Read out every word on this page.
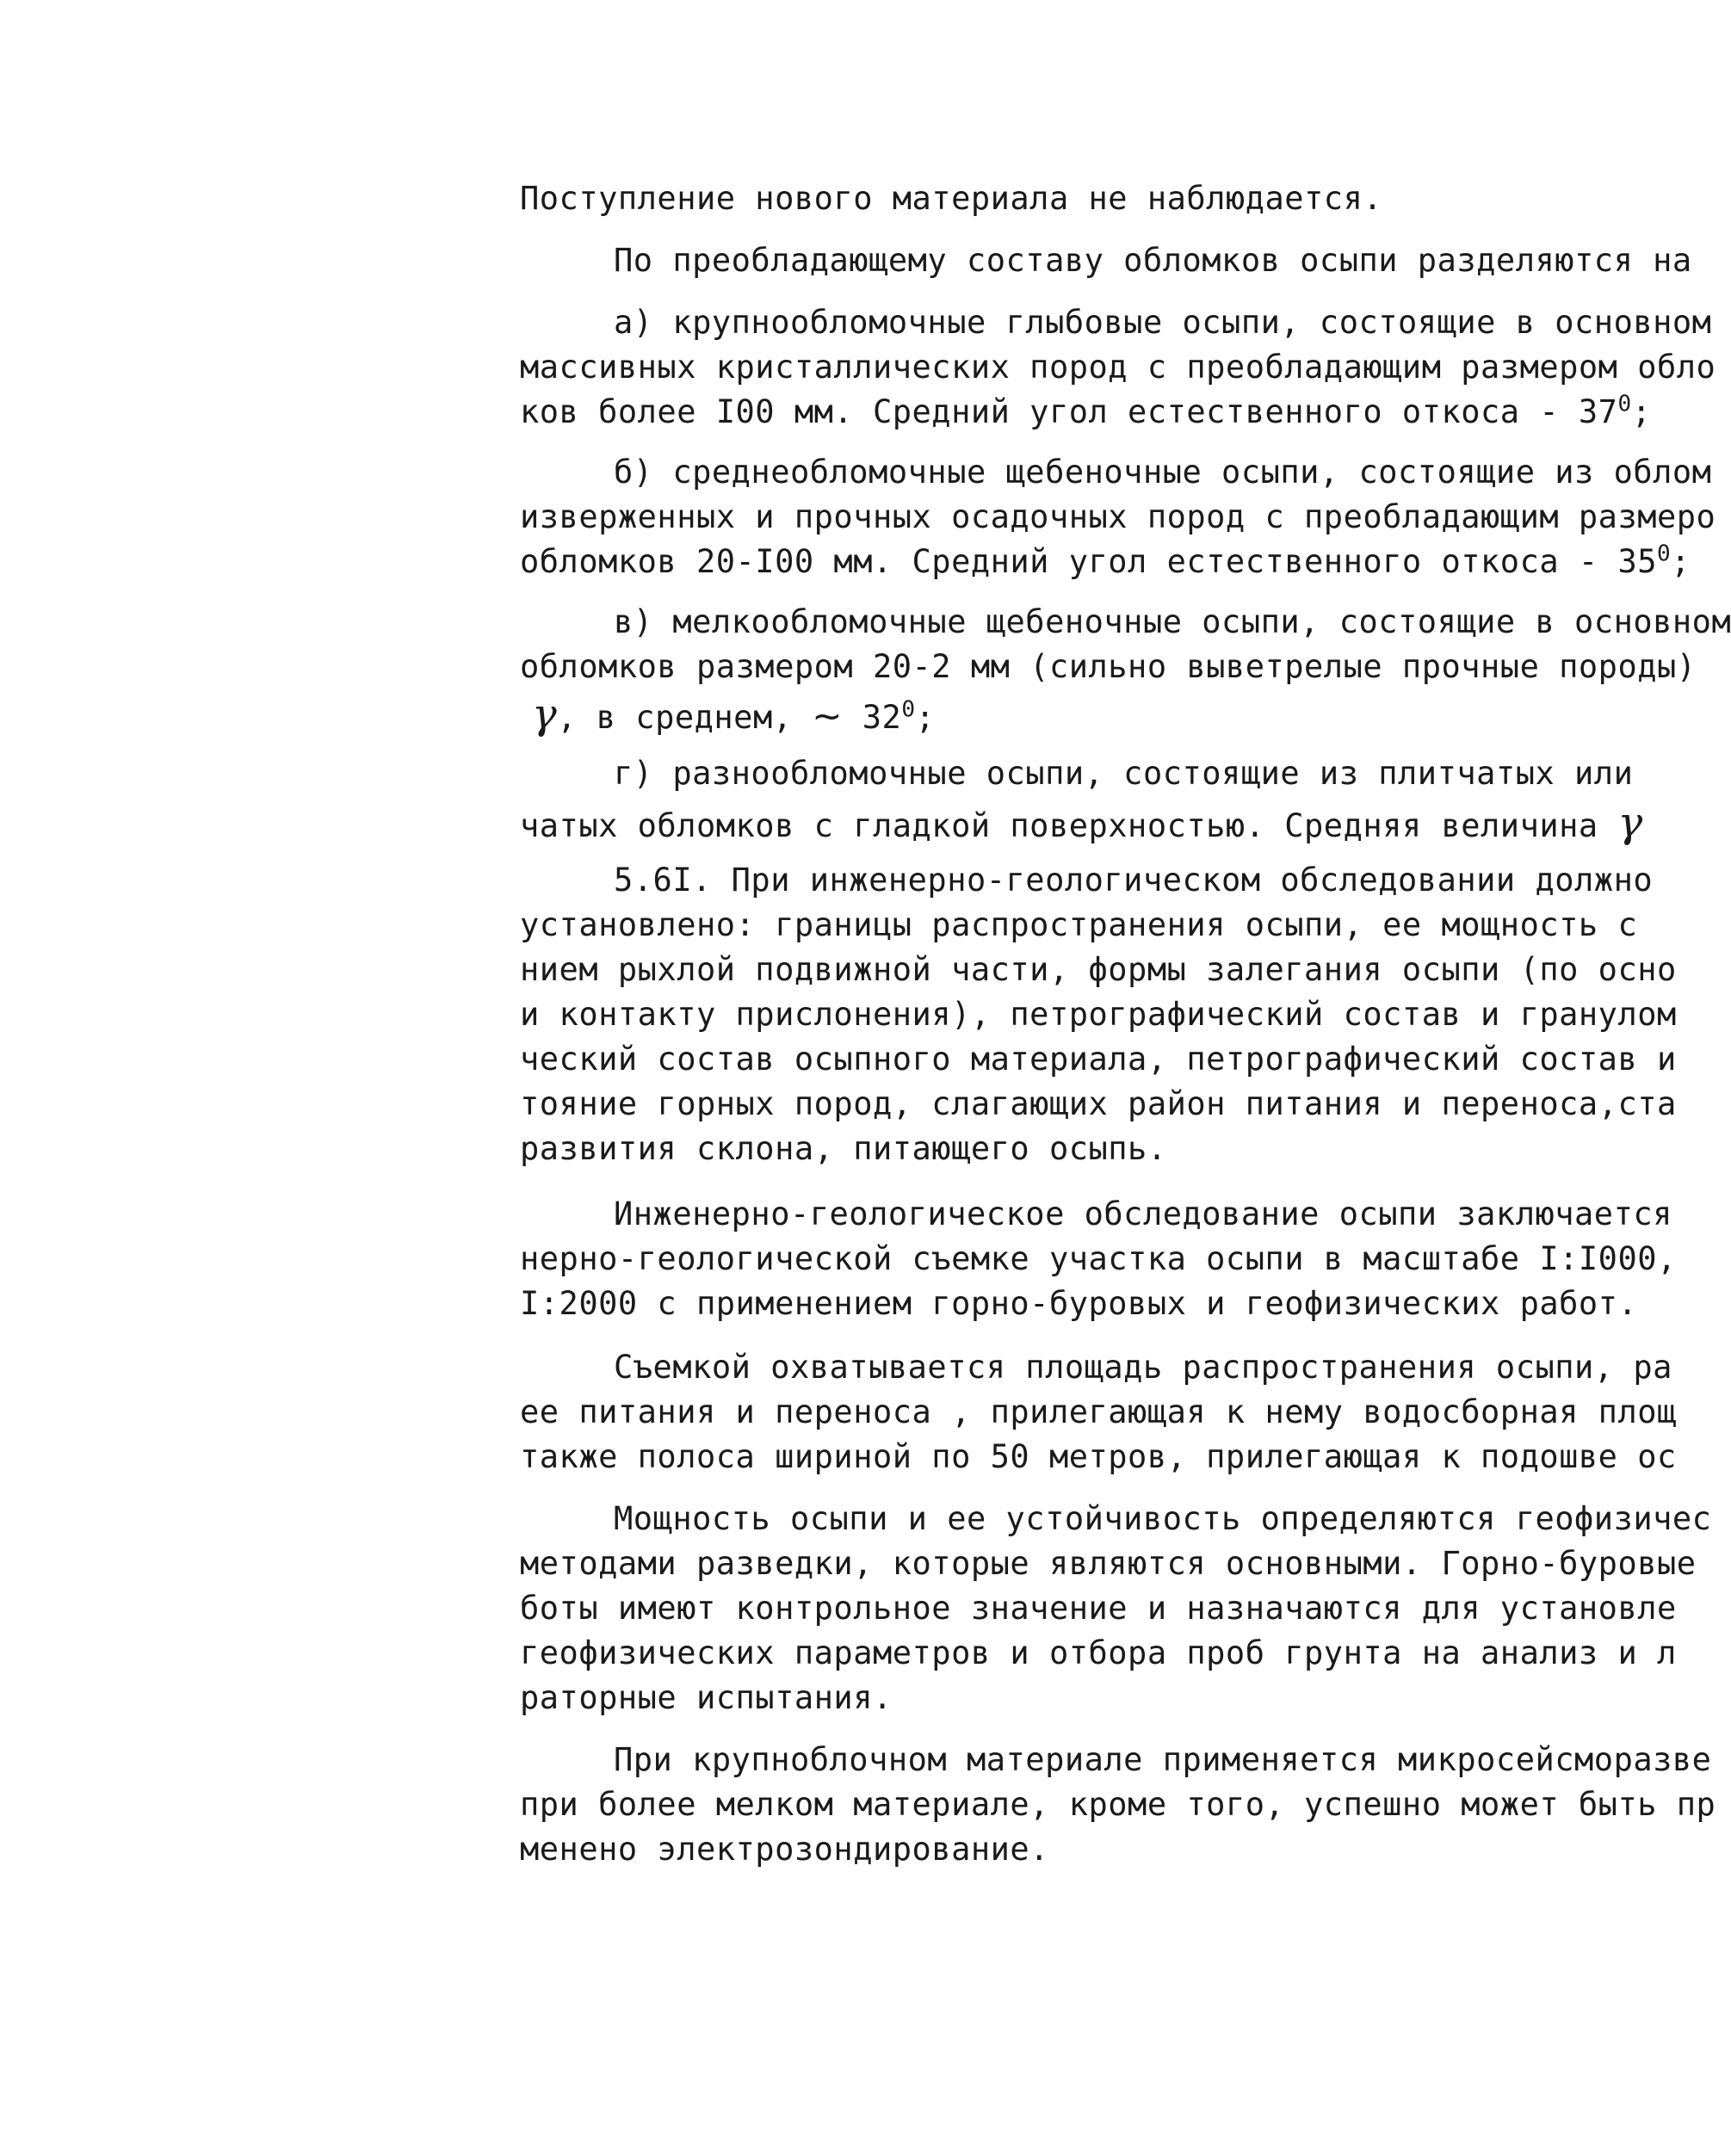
Поступление нового материала не наблюдается.
По преобладающему составу обломков осыпи разделяются на
а) крупнообломочные глыбовые осыпи, состоящие в основном
массивных кристаллических пород с преобладающим размером обло
ков более I00 мм. Средний угол естественного откоса - $37^0$;
б) среднеобломочные щебеночные осыпи, состоящие из облом
изверженных и прочных осадочных пород с преобладающим размеро
обломков 20-I00 мм. Средний угол естественного откоса - $35^0$;
в) мелкообломочные щебеночные осыпи, состоящие в основном
обломков размером 20-2 мм (сильно выветрелые прочные породы)
γ, в среднем, ~ $32^0$;
г) разнообломочные осыпи, состоящие из плитчатых или
чатых обломков с гладкой поверхностью. Средняя величина γ
5.6I. При инженерно-геологическом обследовании должно
установлено: границы распространения осыпи, ее мощность с
нием рыхлой подвижной части, формы залегания осыпи (по осно
и контакту прислонения), петрографический состав и гранулом
ческий состав осыпного материала, петрографический состав и
тояние горных пород, слагающих район питания и переноса,ста
развития склона, питающего осыпь.
Инженерно-геологическое обследование осыпи заключается
нерно-геологической съемке участка осыпи в масштабе I:I000,
I:2000 с применением горно-буровых и геофизических работ.
Съемкой охватывается площадь распространения осыпи, ра
ее питания и переноса , прилегающая к нему водосборная площ
также полоса шириной по 50 метров, прилегающая к подошве ос
Мощность осыпи и ее устойчивость определяются геофизичес
методами разведки, которые являются основными. Горно-буровые
боты имеют контрольное значение и назначаются для установле
геофизических параметров и отбора проб грунта на анализ и л
раторные испытания.
При крупноблочном материале применяется микросейсморазве
при более мелком материале, кроме того, успешно может быть пр
менено электрозондирование.
